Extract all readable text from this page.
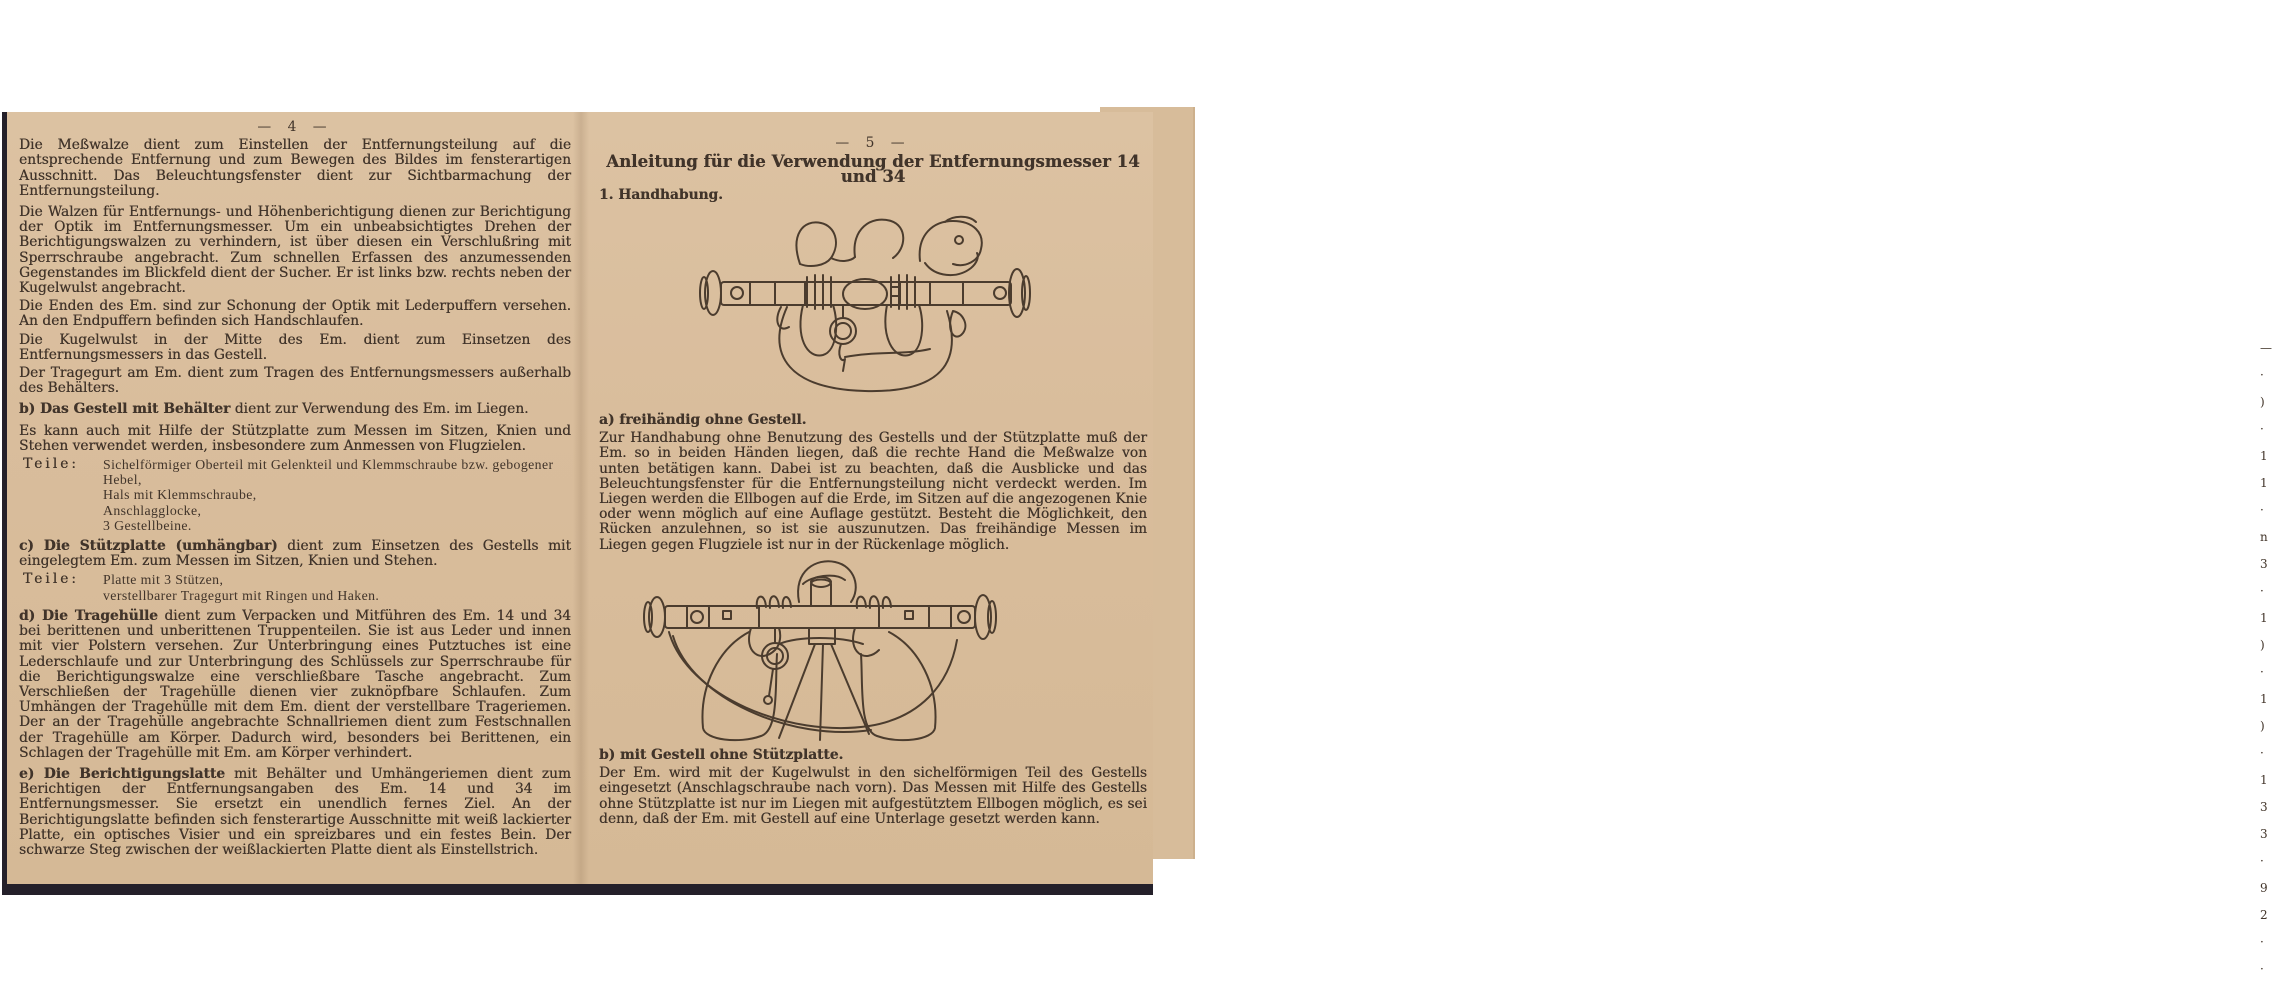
—
·
)
·
1
1
·
n
3
·
1
)
·
1
)
·
1
3
3
·
9
2
·
·

— 4 —

Die Meßwalze dient zum Einstellen der Entfernungsteilung auf die entsprechende Entfernung und zum Bewegen des Bildes im fensterartigen Ausschnitt. Das Beleuchtungsfenster dient zur Sichtbarmachung der Entfernungsteilung.

Die Walzen für Entfernungs- und Höhenberichtigung dienen zur Berichtigung der Optik im Entfernungsmesser. Um ein unbeabsichtigtes Drehen der Berichtigungswalzen zu verhindern, ist über diesen ein Verschlußring mit Sperrschraube angebracht. Zum schnellen Erfassen des anzumessenden Gegenstandes im Blickfeld dient der Sucher. Er ist links bzw. rechts neben der Kugelwulst angebracht.

Die Enden des Em. sind zur Schonung der Optik mit Lederpuffern versehen. An den Endpuffern befinden sich Handschlaufen.

Die Kugelwulst in der Mitte des Em. dient zum Einsetzen des Entfernungsmessers in das Gestell.

Der Tragegurt am Em. dient zum Tragen des Entfernungsmessers außerhalb des Behälters.

b) Das Gestell mit Behälter dient zur Verwendung des Em. im Liegen.

Es kann auch mit Hilfe der Stützplatte zum Messen im Sitzen, Knien und Stehen verwendet werden, insbesondere zum Anmessen von Flugzielen.

Teile: Sichelförmiger Oberteil mit Gelenkteil und Klemmschraube bzw. gebogener Hebel,
Hals mit Klemmschraube,
Anschlagglocke,
3 Gestellbeine.

c) Die Stützplatte (umhängbar) dient zum Einsetzen des Gestells mit eingelegtem Em. zum Messen im Sitzen, Knien und Stehen.

Teile: Platte mit 3 Stützen,
verstellbarer Tragegurt mit Ringen und Haken.

d) Die Tragehülle dient zum Verpacken und Mitführen des Em. 14 und 34 bei berittenen und unberittenen Truppenteilen. Sie ist aus Leder und innen mit vier Polstern versehen. Zur Unterbringung eines Putztuches ist eine Lederschlaufe und zur Unterbringung des Schlüssels zur Sperrschraube für die Berichtigungswalze eine verschließbare Tasche angebracht. Zum Verschließen der Tragehülle dienen vier zuknöpfbare Schlaufen. Zum Umhängen der Tragehülle mit dem Em. dient der verstellbare Trageriemen. Der an der Tragehülle angebrachte Schnallriemen dient zum Festschnallen der Tragehülle am Körper. Dadurch wird, besonders bei Berittenen, ein Schlagen der Tragehülle mit Em. am Körper verhindert.

e) Die Berichtigungslatte mit Behälter und Umhängeriemen dient zum Berichtigen der Entfernungsangaben des Em. 14 und 34 im Entfernungsmesser. Sie ersetzt ein unendlich fernes Ziel. An der Berichtigungslatte befinden sich fensterartige Ausschnitte mit weiß lackierter Platte, ein optisches Visier und ein spreizbares und ein festes Bein. Der schwarze Steg zwischen der weißlackierten Platte dient als Einstellstrich.

— 5 —

Anleitung für die Verwendung der Entfernungsmesser 14 und 34

1. Handhabung.

a) freihändig ohne Gestell.

Zur Handhabung ohne Benutzung des Gestells und der Stützplatte muß der Em. so in beiden Händen liegen, daß die rechte Hand die Meßwalze von unten betätigen kann. Dabei ist zu beachten, daß die Ausblicke und das Beleuchtungsfenster für die Entfernungsteilung nicht verdeckt werden. Im Liegen werden die Ellbogen auf die Erde, im Sitzen auf die angezogenen Knie oder wenn möglich auf eine Auflage gestützt. Besteht die Möglichkeit, den Rücken anzulehnen, so ist sie auszunutzen. Das freihändige Messen im Liegen gegen Flugziele ist nur in der Rückenlage möglich.

b) mit Gestell ohne Stützplatte.

Der Em. wird mit der Kugelwulst in den sichelförmigen Teil des Gestells eingesetzt (Anschlagschraube nach vorn). Das Messen mit Hilfe des Gestells ohne Stützplatte ist nur im Liegen mit aufgestütztem Ellbogen möglich, es sei denn, daß der Em. mit Gestell auf eine Unterlage gesetzt werden kann.
